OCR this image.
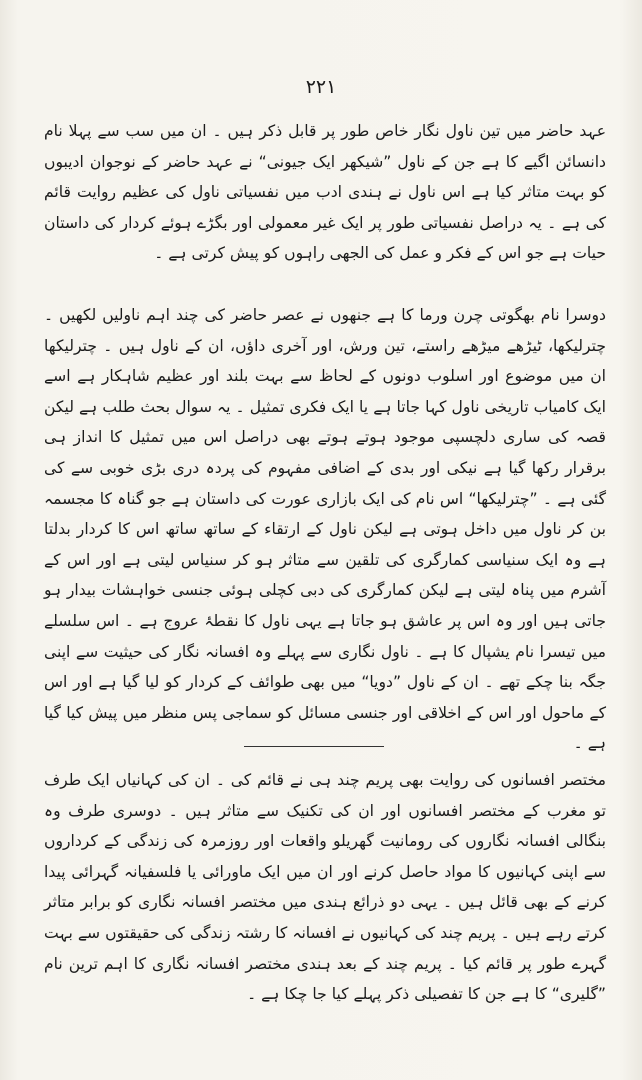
۲۲۱

عہد حاضر میں تین ناول نگار خاص طور پر قابل ذکر ہیں ۔ ان میں سب سے پہلا نام دانسائن اگیے کا ہے جن کے ناول ”شیکھر ایک جیونی“ نے عہد حاضر کے نوجوان ادیبوں کو بہت متاثر کیا ہے اس ناول نے ہندی ادب میں نفسیاتی ناول کی عظیم روایت قائم کی ہے ۔ یہ دراصل نفسیاتی طور پر ایک غیر معمولی اور بگڑے ہوئے کردار کی داستان حیات ہے جو اس کے فکر و عمل کی الجھی راہوں کو پیش کرتی ہے ۔

دوسرا نام بھگوتی چرن ورما کا ہے جنھوں نے عصر حاضر کی چند اہم ناولیں لکھیں ۔ چترلیکھا، ٹیڑھے میڑھے راستے، تین ورش، اور آخری داؤں، ان کے ناول ہیں ۔ چترلیکھا ان میں موضوع اور اسلوب دونوں کے لحاظ سے بہت بلند اور عظیم شاہکار ہے اسے ایک کامیاب تاریخی ناول کہا جاتا ہے یا ایک فکری تمثیل ۔ یہ سوال بحث طلب ہے لیکن قصہ کی ساری دلچسپی موجود ہوتے ہوتے بھی دراصل اس میں تمثیل کا انداز ہی برقرار رکھا گیا ہے نیکی اور بدی کے اضافی مفہوم کی پردہ دری بڑی خوبی سے کی گئی ہے ۔ ”چترلیکھا“ اس نام کی ایک بازاری عورت کی داستان ہے جو گناہ کا مجسمہ بن کر ناول میں داخل ہوتی ہے لیکن ناول کے ارتقاء کے ساتھ ساتھ اس کا کردار بدلتا ہے وہ ایک سنیاسی کمارگری کی تلقین سے متاثر ہو کر سنیاس لیتی ہے اور اس کے آشرم میں پناہ لیتی ہے لیکن کمارگری کی دبی کچلی ہوئی جنسی خواہشات بیدار ہو جاتی ہیں اور وہ اس پر عاشق ہو جاتا ہے یہی ناول کا نقطۂ عروج ہے ۔ اس سلسلے میں تیسرا نام یشپال کا ہے ۔ ناول نگاری سے پہلے وہ افسانہ نگار کی حیثیت سے اپنی جگہ بنا چکے تھے ۔ ان کے ناول ”دویا“ میں بھی طوائف کے کردار کو لیا گیا ہے اور اس کے ماحول اور اس کے اخلاقی اور جنسی مسائل کو سماجی پس منظر میں پیش کیا گیا ہے ۔

مختصر افسانوں کی روایت بھی پریم چند ہی نے قائم کی ۔ ان کی کہانیاں ایک طرف تو مغرب کے مختصر افسانوں اور ان کی تکنیک سے متاثر ہیں ۔ دوسری طرف وہ بنگالی افسانہ نگاروں کی رومانیت گھریلو واقعات اور روزمرہ کی زندگی کے کرداروں سے اپنی کہانیوں کا مواد حاصل کرنے اور ان میں ایک ماورائی یا فلسفیانہ گہرائی پیدا کرنے کے بھی قائل ہیں ۔ یہی دو ذرائع ہندی میں مختصر افسانہ نگاری کو برابر متاثر کرتے رہے ہیں ۔ پریم چند کی کہانیوں نے افسانہ کا رشتہ زندگی کی حقیقتوں سے بہت گہرے طور پر قائم کیا ۔ پریم چند کے بعد ہندی مختصر افسانہ نگاری کا اہم ترین نام ”گلیری“ کا ہے جن کا تفصیلی ذکر پہلے کیا جا چکا ہے ۔
